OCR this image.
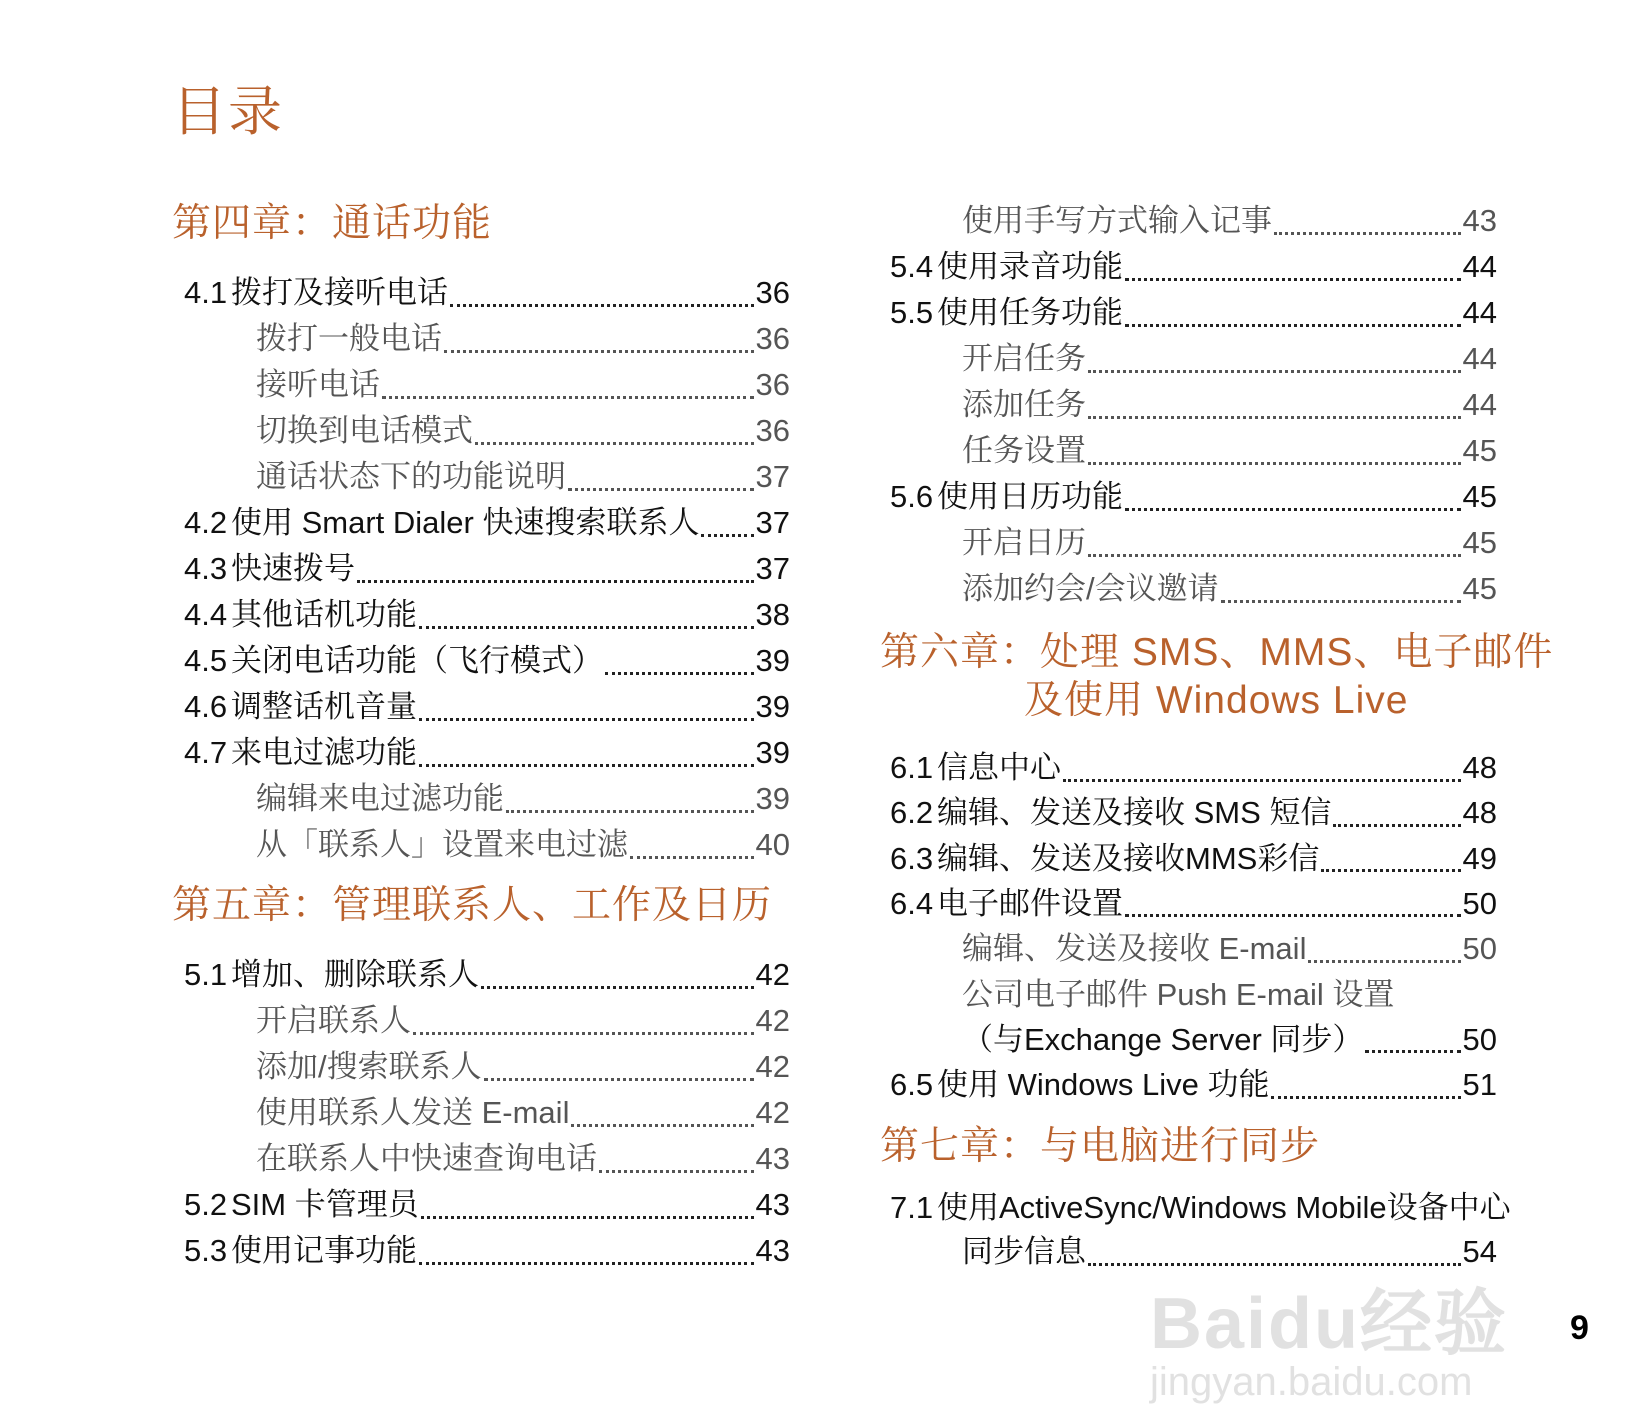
目录
第四章：通话功能
第五章：管理联系人、工作及日历
第六章：处理 SMS、MMS、电子邮件
及使用 Windows Live
第七章：与电脑进行同步
Baidu经验
jingyan.baidu.com
9
4.1 拨打及接听电话	36
拨打一般电话	36
接听电话	36
切换到电话模式	36
通话状态下的功能说明	37
4.2 使用 Smart Dialer 快速搜索联系人 37
4.3 快速拨号	37
4.4 其他话机功能	38
4.5 关闭电话功能（飞行模式）	39
4.6 调整话机音量	39
4.7 来电过滤功能	39
编辑来电过滤功能	39
从「联系人」设置来电过滤	40
5.1 增加、删除联系人	42
开启联系人	42
添加/搜索联系人	42
使用联系人发送 E-mail	42
在联系人中快速查询电话	43
5.2 SIM 卡管理员	43
5.3 使用记事功能	43
使用手写方式输入记事	43
5.4 使用录音功能	44
5.5 使用任务功能	44
开启任务	44
添加任务	44
任务设置	45
5.6 使用日历功能	45
开启日历	45
添加约会/会议邀请	45
6.1 信息中心	48
6.2 编辑、发送及接收 SMS 短信	48
6.3 编辑、发送及接收MMS彩信	49
6.4 电子邮件设置	50
编辑、发送及接收 E-mail	50
公司电子邮件 Push E-mail 设置
（与Exchange Server 同步）	50
6.5 使用 Windows Live 功能	51
7.1 使用ActiveSync/Windows Mobile设备中心
同步信息	54
